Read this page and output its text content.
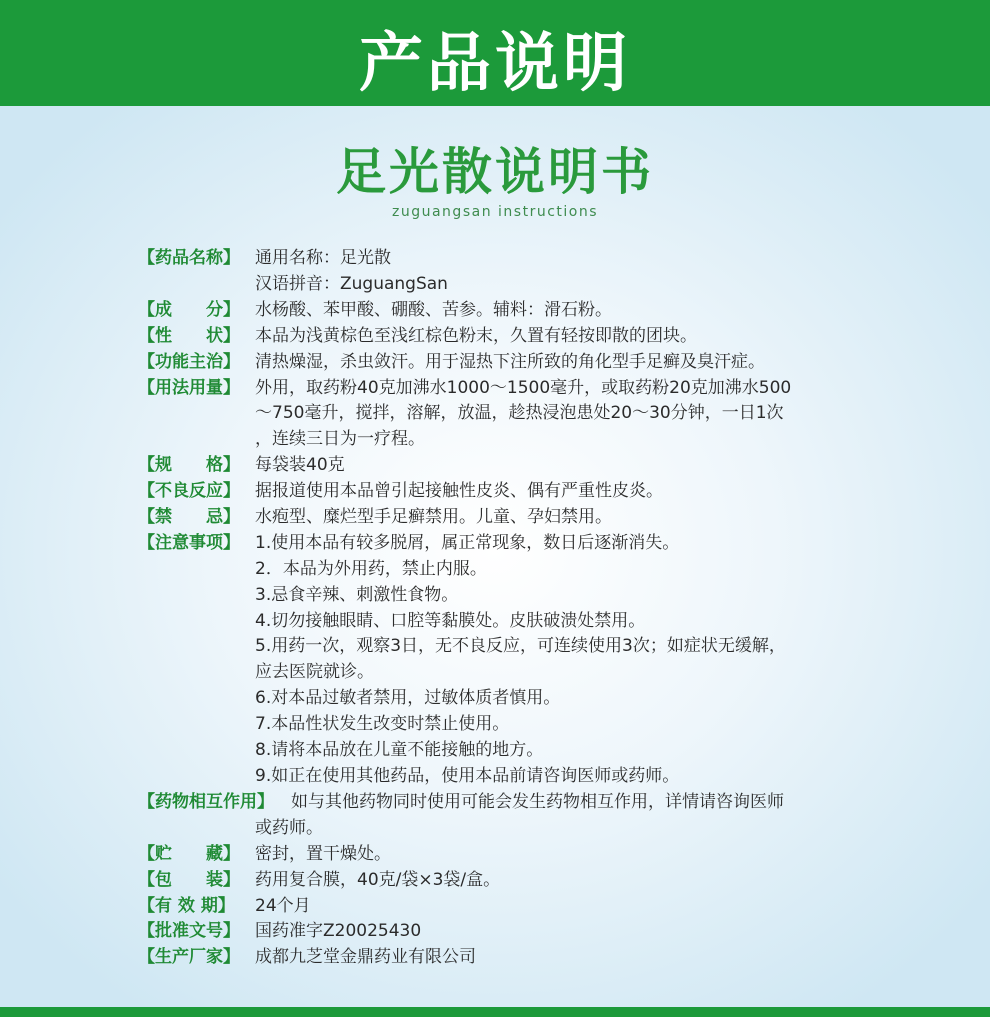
产品说明
足光散说明书
zuguangsan instructions
【药品名称】 通用名称：足光散
汉语拼音：ZuguangSan
【成　　分】 水杨酸、苯甲酸、硼酸、苦参。辅料：滑石粉。
【性　　状】 本品为浅黄棕色至浅红棕色粉末，久置有轻按即散的团块。
【功能主治】 清热燥湿，杀虫敛汗。用于湿热下注所致的角化型手足癣及臭汗症。
【用法用量】 外用，取药粉40克加沸水1000～1500毫升，或取药粉20克加沸水500
～750毫升，搅拌，溶解，放温，趁热浸泡患处20～30分钟，一日1次
，连续三日为一疗程。
【规　　格】 每袋装40克
【不良反应】 据报道使用本品曾引起接触性皮炎、偶有严重性皮炎。
【禁　　忌】 水疱型、糜烂型手足癣禁用。儿童、孕妇禁用。
【注意事项】 1.使用本品有较多脱屑，属正常现象，数日后逐渐消失。
2．本品为外用药，禁止内服。
3.忌食辛辣、刺激性食物。
4.切勿接触眼睛、口腔等黏膜处。皮肤破溃处禁用。
5.用药一次，观察3日，无不良反应，可连续使用3次；如症状无缓解，
应去医院就诊。
6.对本品过敏者禁用，过敏体质者慎用。
7.本品性状发生改变时禁止使用。
8.请将本品放在儿童不能接触的地方。
9.如正在使用其他药品，使用本品前请咨询医师或药师。
【药物相互作用】 如与其他药物同时使用可能会发生药物相互作用，详情请咨询医师
或药师。
【贮　　藏】 密封，置干燥处。
【包　　装】 药用复合膜，40克/袋×3袋/盒。
【有 效 期】 24个月
【批准文号】 国药准字Z20025430
【生产厂家】 成都九芝堂金鼎药业有限公司
